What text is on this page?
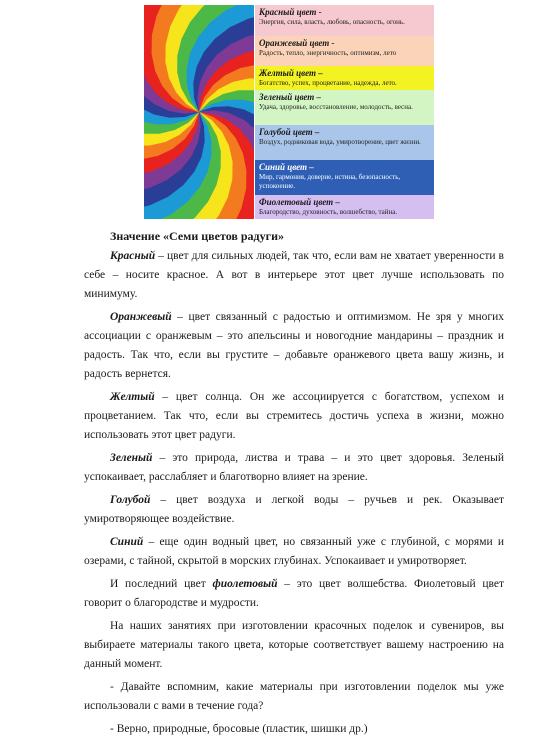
Красный цвет -
Энергия, сила, власть, любовь, опасность, огонь.
Оранжевый цвет -
Радость, тепло, энергичность, оптимизм, лето
Желтый цвет –
Богатство, успех, процветание, надежда, лето.
Зеленый цвет –
Удача, здоровье, восстановление, молодость, весна.
Голубой цвет –
Воздух, родниковая вода, умиротворение, цвет жизни.
Синий цвет –
Мир, гармония, доверие, истина, безопасность, успокоение.
Фиолетовый цвет –
Благородство, духовность, волшебство, тайна.
Значение «Семи цветов радуги»

Красный – цвет для сильных людей, так что, если вам не хватает уверенности в себе – носите красное. А вот в интерьере этот цвет лучше использовать по минимуму.

Оранжевый – цвет связанный с радостью и оптимизмом. Не зря у многих ассоциации с оранжевым – это апельсины и новогодние мандарины – праздник и радость. Так что, если вы грустите – добавьте оранжевого цвета вашу жизнь, и радость вернется.

Желтый – цвет солнца. Он же ассоциируется с богатством, успехом и процветанием. Так что, если вы стремитесь достичь успеха в жизни, можно использовать этот цвет радуги.

Зеленый – это природа, листва и трава – и это цвет здоровья. Зеленый успокаивает, расслабляет и благотворно влияет на зрение.

Голубой – цвет воздуха и легкой воды – ручьев и рек. Оказывает умиротворяющее воздействие.

Синий – еще один водный цвет, но связанный уже с глубиной, с морями и озерами, с тайной, скрытой в морских глубинах. Успокаивает и умиротворяет.

И последний цвет фиолетовый – это цвет волшебства. Фиолетовый цвет говорит о благородстве и мудрости.

На наших занятиях при изготовлении красочных поделок и сувениров, вы выбираете материалы такого цвета, которые соответствует вашему настроению на данный момент.

- Давайте вспомним, какие материалы при изготовлении поделок мы уже использовали с вами в течение года?

- Верно, природные, бросовые (пластик, шишки др.)
